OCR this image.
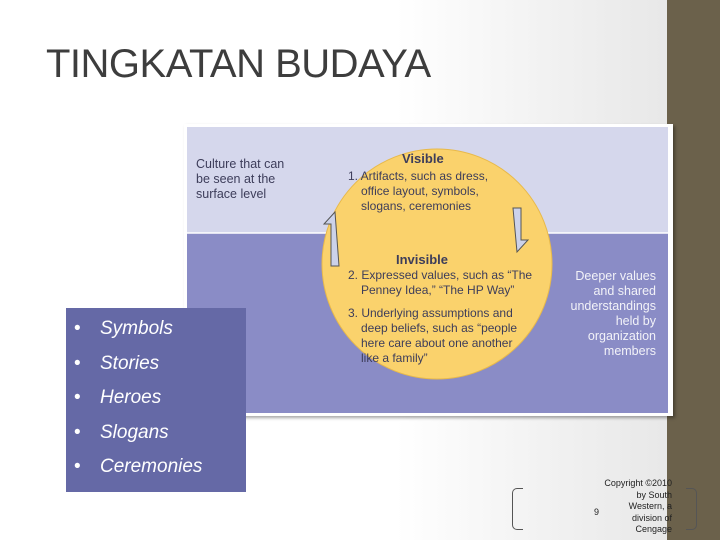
TINGKATAN BUDAYA
Culture that can
be seen at the
surface level
Visible
1. Artifacts, such as dress,
office layout, symbols,
slogans, ceremonies
Invisible
2. Expressed values, such as “The
Penney Idea,” “The HP Way”
3. Underlying assumptions and
deep beliefs, such as “people
here care about one another
like a family”
Deeper values
and shared
understandings
held by
organization
members
• Symbols
• Stories
• Heroes
• Slogans
• Ceremonies
9
Copyright ©2010
by South
Western, a
division of
Cengage
